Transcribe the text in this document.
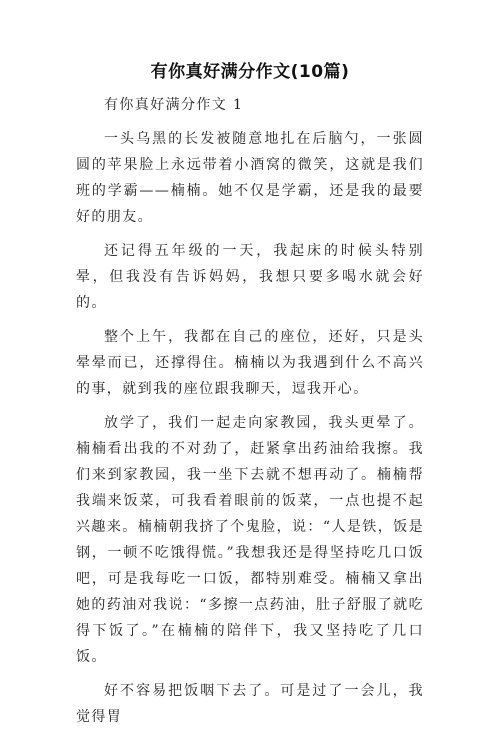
有你真好满分作文(10篇)

有你真好满分作文 1

一头乌黑的长发被随意地扎在后脑勺，一张圆圆的苹果脸上永远带着小酒窝的微笑，这就是我们班的学霸——楠楠。她不仅是学霸，还是我的最要好的朋友。

还记得五年级的一天，我起床的时候头特别晕，但我没有告诉妈妈，我想只要多喝水就会好的。

整个上午，我都在自己的座位，还好，只是头晕晕而已，还撑得住。楠楠以为我遇到什么不高兴的事，就到我的座位跟我聊天，逗我开心。

放学了，我们一起走向家教园，我头更晕了。楠楠看出我的不对劲了，赶紧拿出药油给我擦。我们来到家教园，我一坐下去就不想再动了。楠楠帮我端来饭菜，可我看着眼前的饭菜，一点也提不起兴趣来。楠楠朝我挤了个鬼脸，说：“人是铁，饭是钢，一顿不吃饿得慌。”我想我还是得坚持吃几口饭吧，可是我每吃一口饭，都特别难受。楠楠又拿出她的药油对我说：“多擦一点药油，肚子舒服了就吃得下饭了。”在楠楠的陪伴下，我又坚持吃了几口饭。

好不容易把饭咽下去了。可是过了一会儿，我觉得胃
